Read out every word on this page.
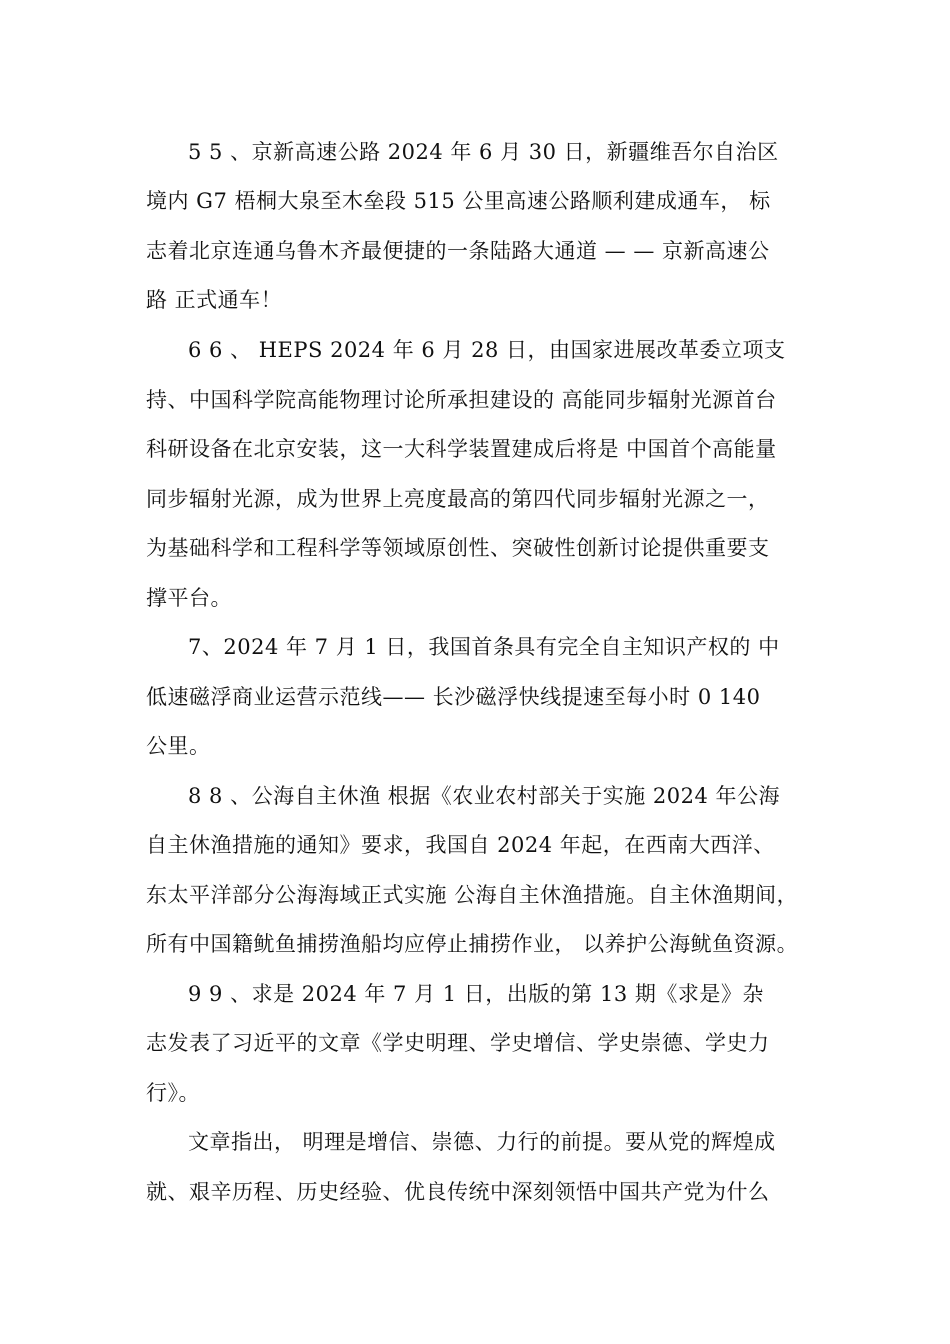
5 5 、京新高速公路 2024 年 6 月 30 日，新疆维吾尔自治区
境内 G7 梧桐大泉至木垒段 515 公里高速公路顺利建成通车， 标
志着北京连通乌鲁木齐最便捷的一条陆路大通道 — — 京新高速公
路 正式通车！
6 6 、 HEPS 2024 年 6 月 28 日，由国家进展改革委立项支
持、中国科学院高能物理讨论所承担建设的 高能同步辐射光源首台
科研设备在北京安装，这一大科学装置建成后将是 中国首个高能量
同步辐射光源，成为世界上亮度最高的第四代同步辐射光源之一，
为基础科学和工程科学等领域原创性、突破性创新讨论提供重要支
撑平台。
7、2024 年 7 月 1 日，我国首条具有完全自主知识产权的 中
低速磁浮商业运营示范线—— 长沙磁浮快线提速至每小时 0 140
公里。
8 8 、公海自主休渔 根据《农业农村部关于实施 2024 年公海
自主休渔措施的通知》要求，我国自 2024 年起，在西南大西洋、
东太平洋部分公海海域正式实施 公海自主休渔措施。自主休渔期间，
所有中国籍鱿鱼捕捞渔船均应停止捕捞作业， 以养护公海鱿鱼资源。
9 9 、求是 2024 年 7 月 1 日，出版的第 13 期《求是》杂
志发表了习近平的文章《学史明理、学史增信、学史崇德、学史力
行》。
文章指出， 明理是增信、崇德、力行的前提。要从党的辉煌成
就、艰辛历程、历史经验、优良传统中深刻领悟中国共产党为什么
